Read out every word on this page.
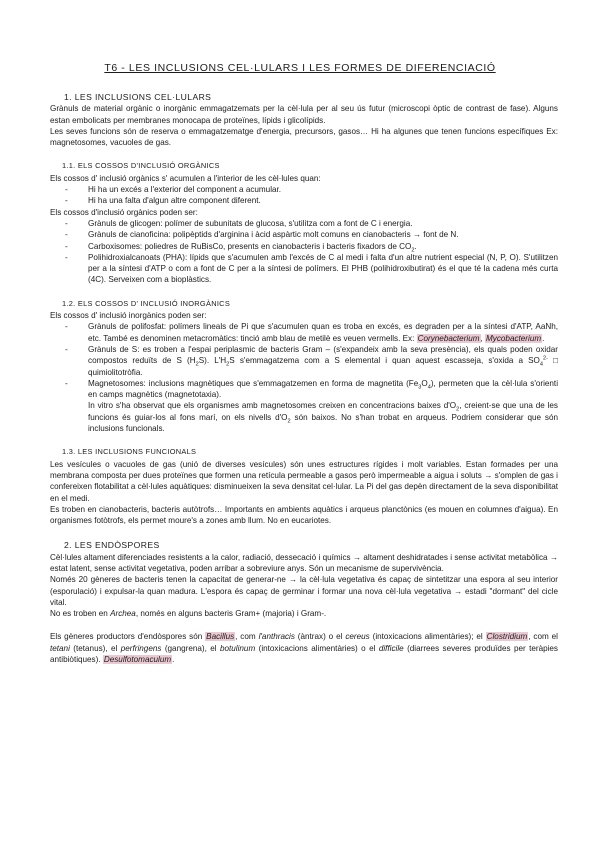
T6 - LES INCLUSIONS CEL·LULARS I LES FORMES DE DIFERENCIACIÓ

1. LES INCLUSIONS CEL·LULARS

Grànuls de material orgànic o inorgànic emmagatzemats per la cèl·lula per al seu ús futur (microscopi òptic de contrast de fase). Alguns estan embolicats per membranes monocapa de proteïnes, lípids i glicolípids.

Les seves funcions són de reserva o emmagatzematge d'energia, precursors, gasos… Hi ha algunes que tenen funcions específiques Ex: magnetosomes, vacuoles de gas.

1.1. ELS COSSOS D'INCLUSIÓ ORGÀNICS

Els cossos d' inclusió orgànics s' acumulen a l'interior de les cèl·lules quan:

- Hi ha un excés a l'exterior del component a acumular.
- Hi ha una falta d'algun altre component diferent.

Els cossos d'inclusió orgànics poden ser:

- Grànuls de glicogen: polímer de subunitats de glucosa, s'utilitza com a font de C i energia.
- Grànuls de cianoficina: polipèptids d'arginina i àcid aspàrtic molt comuns en cianobacteris → font de N.
- Carboxisomes: poliedres de RuBisCo, presents en cianobacteris i bacteris fixadors de $CO_2$.
- Polihidroxialcanoats (PHA): lípids que s'acumulen amb l'excés de C al medi i falta d'un altre nutrient especial (N, P, O). S'utilitzen per a la síntesi d'ATP o com a font de C per a la síntesi de polímers. El PHB (polihidroxibutirat) és el que té la cadena més curta (4C). Serveixen com a bioplàstics.

1.2. ELS COSSOS D' INCLUSIÓ INORGÀNICS

Els cossos d' inclusió inorgànics poden ser:

- Grànuls de polifosfat: polímers lineals de Pi que s'acumulen quan es troba en excés, es degraden per a la síntesi d'ATP, AaNh, etc. També es denominen metacromàtics: tinció amb blau de metilè es veuen vermells. Ex: Corynebacterium, Mycobacterium.
- Grànuls de S: es troben a l'espai periplasmic de bacteris Gram – (s'expandeix amb la seva presència), els quals poden oxidar compostos reduïts de S $(H_2S)$. $L'H_2S$ s'emmagatzema com a S elemental i quan aquest escasseja, s'oxida a $SO_4^{2-}$ □ quimiolitotròfia.
- Magnetosomes: inclusions magnètiques que s'emmagatzemen en forma de magnetita $(Fe_3O_4)$, permeten que la cèl·lula s'orienti en camps magnètics (magnetotaxia).

In vitro s'ha observat que els organismes amb magnetosomes creixen en concentracions baixes $d'O_2$, creient-se que una de les funcions és guiar-los al fons marí, on els nivells $d'O_2$ són baixos. No s'han trobat en arqueus. Podriem considerar que són inclusions funcionals.

1.3. LES INCLUSIONS FUNCIONALS

Les vesícules o vacuoles de gas (unió de diverses vesícules) són unes estructures rígides i molt variables. Estan formades per una membrana composta per dues proteïnes que formen una retícula permeable a gasos però impermeable a aigua i soluts → s'omplen de gas i confereixen flotabilitat a cèl·lules aquàtiques: disminueixen la seva densitat cel·lular. La Pi del gas depèn directament de la seva disponibilitat en el medi.

Es troben en cianobacteris, bacteris autòtrofs… Importants en ambients aquàtics i arqueus planctònics (es mouen en columnes d'aigua). En organismes fotòtrofs, els permet moure's a zones amb llum. No en eucariotes.

2. LES ENDÒSPORES

Cèl·lules altament diferenciades resistents a la calor, radiació, dessecació i químics → altament deshidratades i sense activitat metabòlica → estat latent, sense activitat vegetativa, poden arribar a sobreviure anys. Són un mecanisme de supervivència.

Només 20 gèneres de bacteris tenen la capacitat de generar-ne → la cèl·lula vegetativa és capaç de sintetitzar una espora al seu interior (esporulació) i expulsar-la quan madura. L'espora és capaç de germinar i formar una nova cèl·lula vegetativa → estadi "dormant" del cicle vital.

No es troben en Archea, només en alguns bacteris Gram+ (majoria) i Gram-.

Els gèneres productors d'endòspores són Bacillus, com l'anthracis (àntrax) o el cereus (intoxicacions alimentàries); el Clostridium, com el tetani (tetanus), el perfringens (gangrena), el botulinum (intoxicacions alimentàries) o el difficile (diarrees severes produïdes per teràpies antibiòtiques). Desulfotomaculum.
